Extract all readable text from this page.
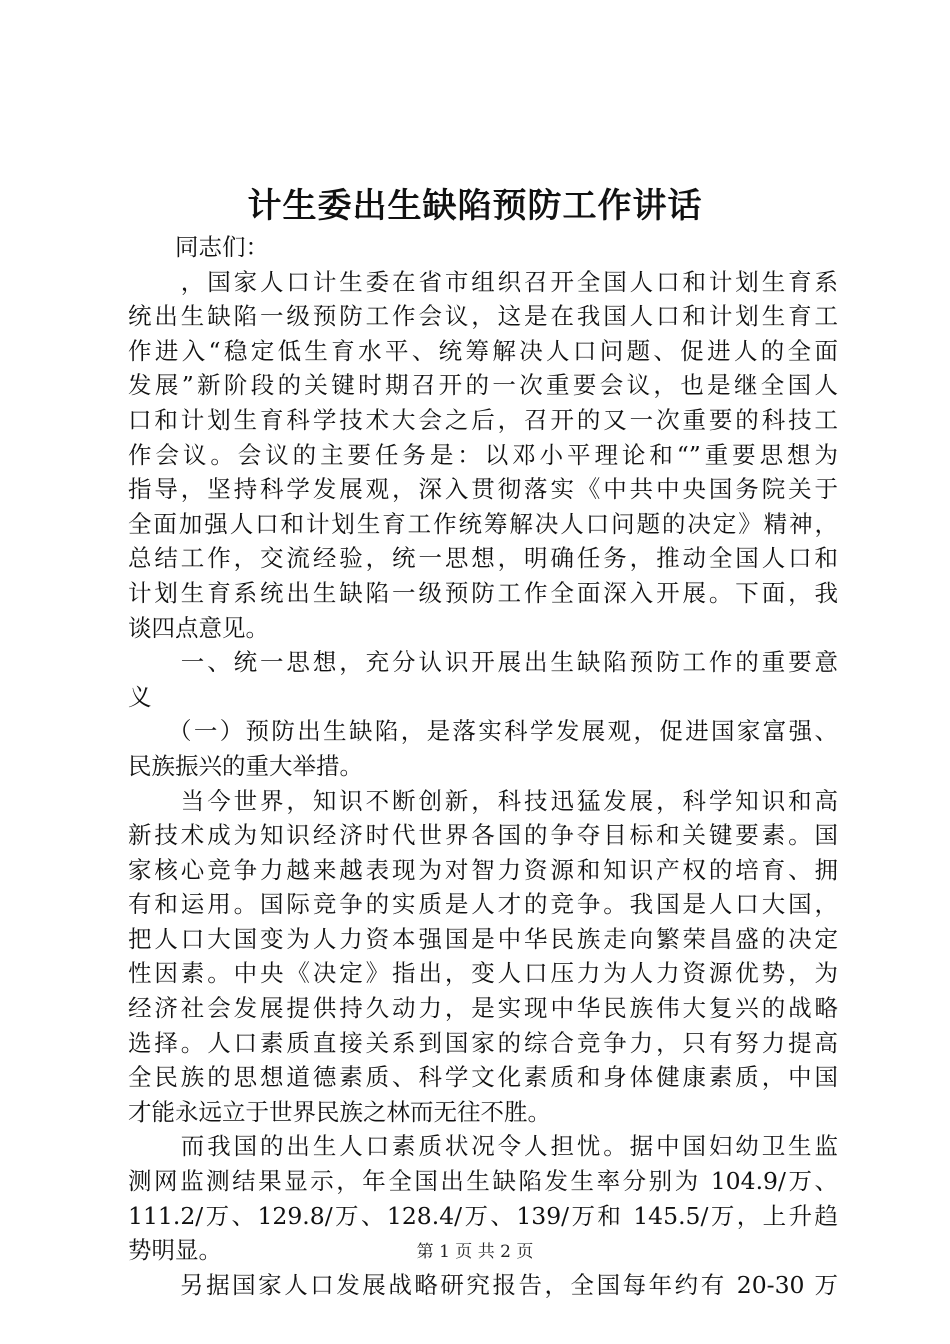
计生委出生缺陷预防工作讲话
　　同志们：
　　，国家人口计生委在省市组织召开全国人口和计划生育系
统出生缺陷一级预防工作会议，这是在我国人口和计划生育工
作进入“稳定低生育水平、统筹解决人口问题、促进人的全面
发展”新阶段的关键时期召开的一次重要会议，也是继全国人
口和计划生育科学技术大会之后，召开的又一次重要的科技工
作会议。会议的主要任务是：以邓小平理论和“”重要思想为
指导，坚持科学发展观，深入贯彻落实《中共中央国务院关于
全面加强人口和计划生育工作统筹解决人口问题的决定》精神，
总结工作，交流经验，统一思想，明确任务，推动全国人口和
计划生育系统出生缺陷一级预防工作全面深入开展。下面，我
谈四点意见。
　　一、统一思想，充分认识开展出生缺陷预防工作的重要意
义
　　（一）预防出生缺陷，是落实科学发展观，促进国家富强、
民族振兴的重大举措。
　　当今世界，知识不断创新，科技迅猛发展，科学知识和高
新技术成为知识经济时代世界各国的争夺目标和关键要素。国
家核心竞争力越来越表现为对智力资源和知识产权的培育、拥
有和运用。国际竞争的实质是人才的竞争。我国是人口大国，
把人口大国变为人力资本强国是中华民族走向繁荣昌盛的决定
性因素。中央《决定》指出，变人口压力为人力资源优势，为
经济社会发展提供持久动力，是实现中华民族伟大复兴的战略
选择。人口素质直接关系到国家的综合竞争力，只有努力提高
全民族的思想道德素质、科学文化素质和身体健康素质，中国
才能永远立于世界民族之林而无往不胜。
　　而我国的出生人口素质状况令人担忧。据中国妇幼卫生监
测网监测结果显示，年全国出生缺陷发生率分别为 104.9/万、
111.2/万、129.8/万、128.4/万、139/万和 145.5/万，上升趋
势明显。
　　另据国家人口发展战略研究报告，全国每年约有 20-30 万
第 1 页 共 2 页
